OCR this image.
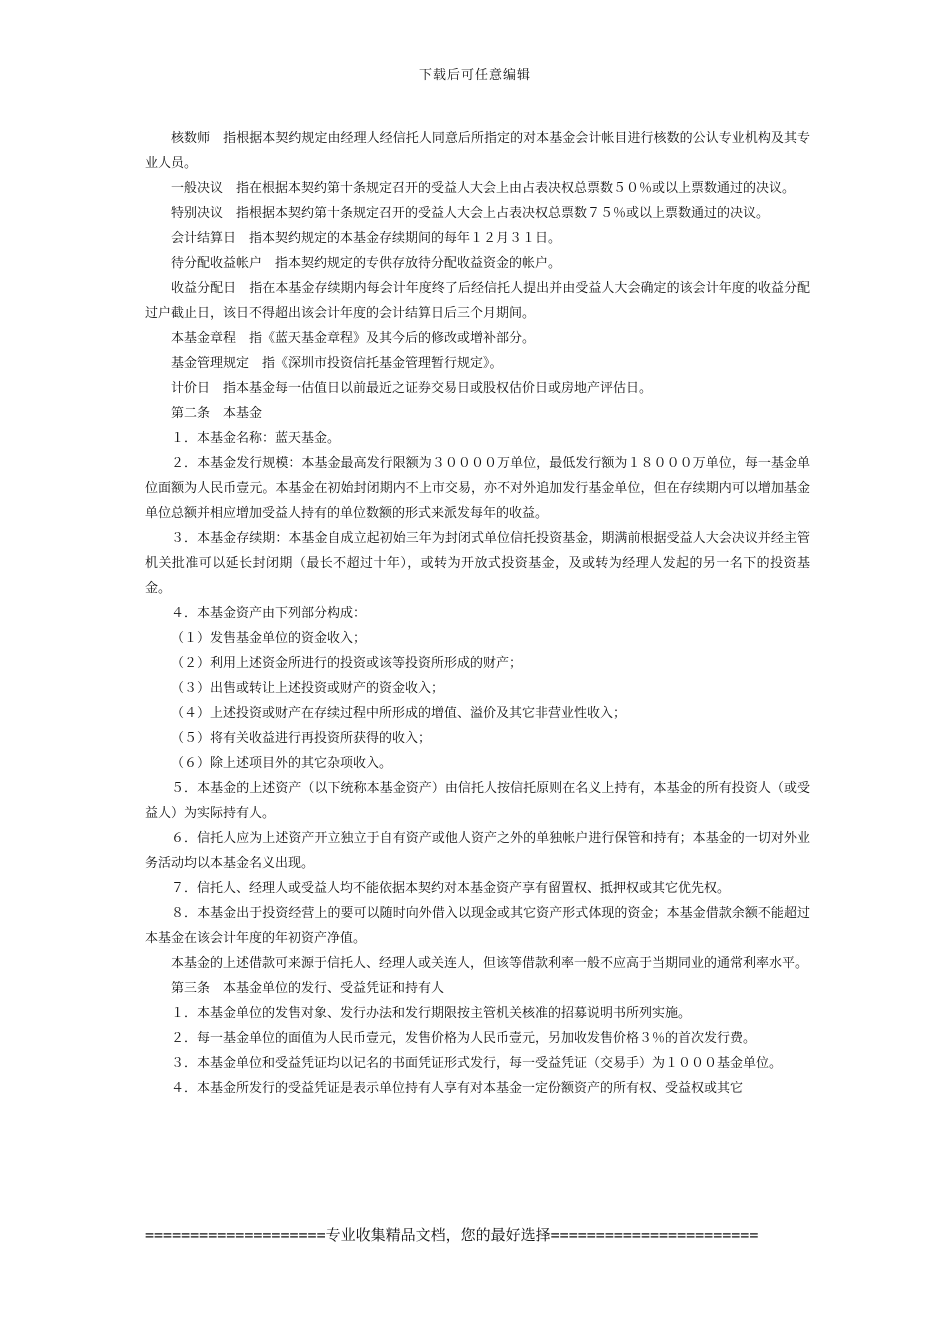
下载后可任意编辑

核数师　指根据本契约规定由经理人经信托人同意后所指定的对本基金会计帐目进行核数的公认专业机构及其专业人员。

一般决议　指在根据本契约第十条规定召开的受益人大会上由占表决权总票数５０％或以上票数通过的决议。

特别决议　指根据本契约第十条规定召开的受益人大会上占表决权总票数７５％或以上票数通过的决议。

会计结算日　指本契约规定的本基金存续期间的每年１２月３１日。

待分配收益帐户　指本契约规定的专供存放待分配收益资金的帐户。

收益分配日　指在本基金存续期内每会计年度终了后经信托人提出并由受益人大会确定的该会计年度的收益分配过户截止日，该日不得超出该会计年度的会计结算日后三个月期间。

本基金章程　指《蓝天基金章程》及其今后的修改或增补部分。

基金管理规定　指《深圳市投资信托基金管理暂行规定》。

计价日　指本基金每一估值日以前最近之证券交易日或股权估价日或房地产评估日。

第二条　本基金

１．本基金名称：蓝天基金。

２．本基金发行规模：本基金最高发行限额为３００００万单位，最低发行额为１８０００万单位，每一基金单位面额为人民币壹元。本基金在初始封闭期内不上市交易，亦不对外追加发行基金单位，但在存续期内可以增加基金单位总额并相应增加受益人持有的单位数额的形式来派发每年的收益。

３．本基金存续期：本基金自成立起初始三年为封闭式单位信托投资基金，期满前根据受益人大会决议并经主管机关批准可以延长封闭期（最长不超过十年），或转为开放式投资基金，及或转为经理人发起的另一名下的投资基金。

４．本基金资产由下列部分构成：

（１）发售基金单位的资金收入；

（２）利用上述资金所进行的投资或该等投资所形成的财产；

（３）出售或转让上述投资或财产的资金收入；

（４）上述投资或财产在存续过程中所形成的增值、溢价及其它非营业性收入；

（５）将有关收益进行再投资所获得的收入；

（６）除上述项目外的其它杂项收入。

５．本基金的上述资产（以下统称本基金资产）由信托人按信托原则在名义上持有，本基金的所有投资人（或受益人）为实际持有人。

６．信托人应为上述资产开立独立于自有资产或他人资产之外的单独帐户进行保管和持有；本基金的一切对外业务活动均以本基金名义出现。

７．信托人、经理人或受益人均不能依据本契约对本基金资产享有留置权、抵押权或其它优先权。

８．本基金出于投资经营上的要可以随时向外借入以现金或其它资产形式体现的资金；本基金借款余额不能超过本基金在该会计年度的年初资产净值。

本基金的上述借款可来源于信托人、经理人或关连人，但该等借款利率一般不应高于当期同业的通常利率水平。

第三条　本基金单位的发行、受益凭证和持有人

１．本基金单位的发售对象、发行办法和发行期限按主管机关核准的招募说明书所列实施。

２．每一基金单位的面值为人民币壹元，发售价格为人民币壹元，另加收发售价格３％的首次发行费。

３．本基金单位和受益凭证均以记名的书面凭证形式发行，每一受益凭证（交易手）为１０００基金单位。

４．本基金所发行的受益凭证是表示单位持有人享有对本基金一定份额资产的所有权、受益权或其它

====================专业收集精品文档，您的最好选择=======================
